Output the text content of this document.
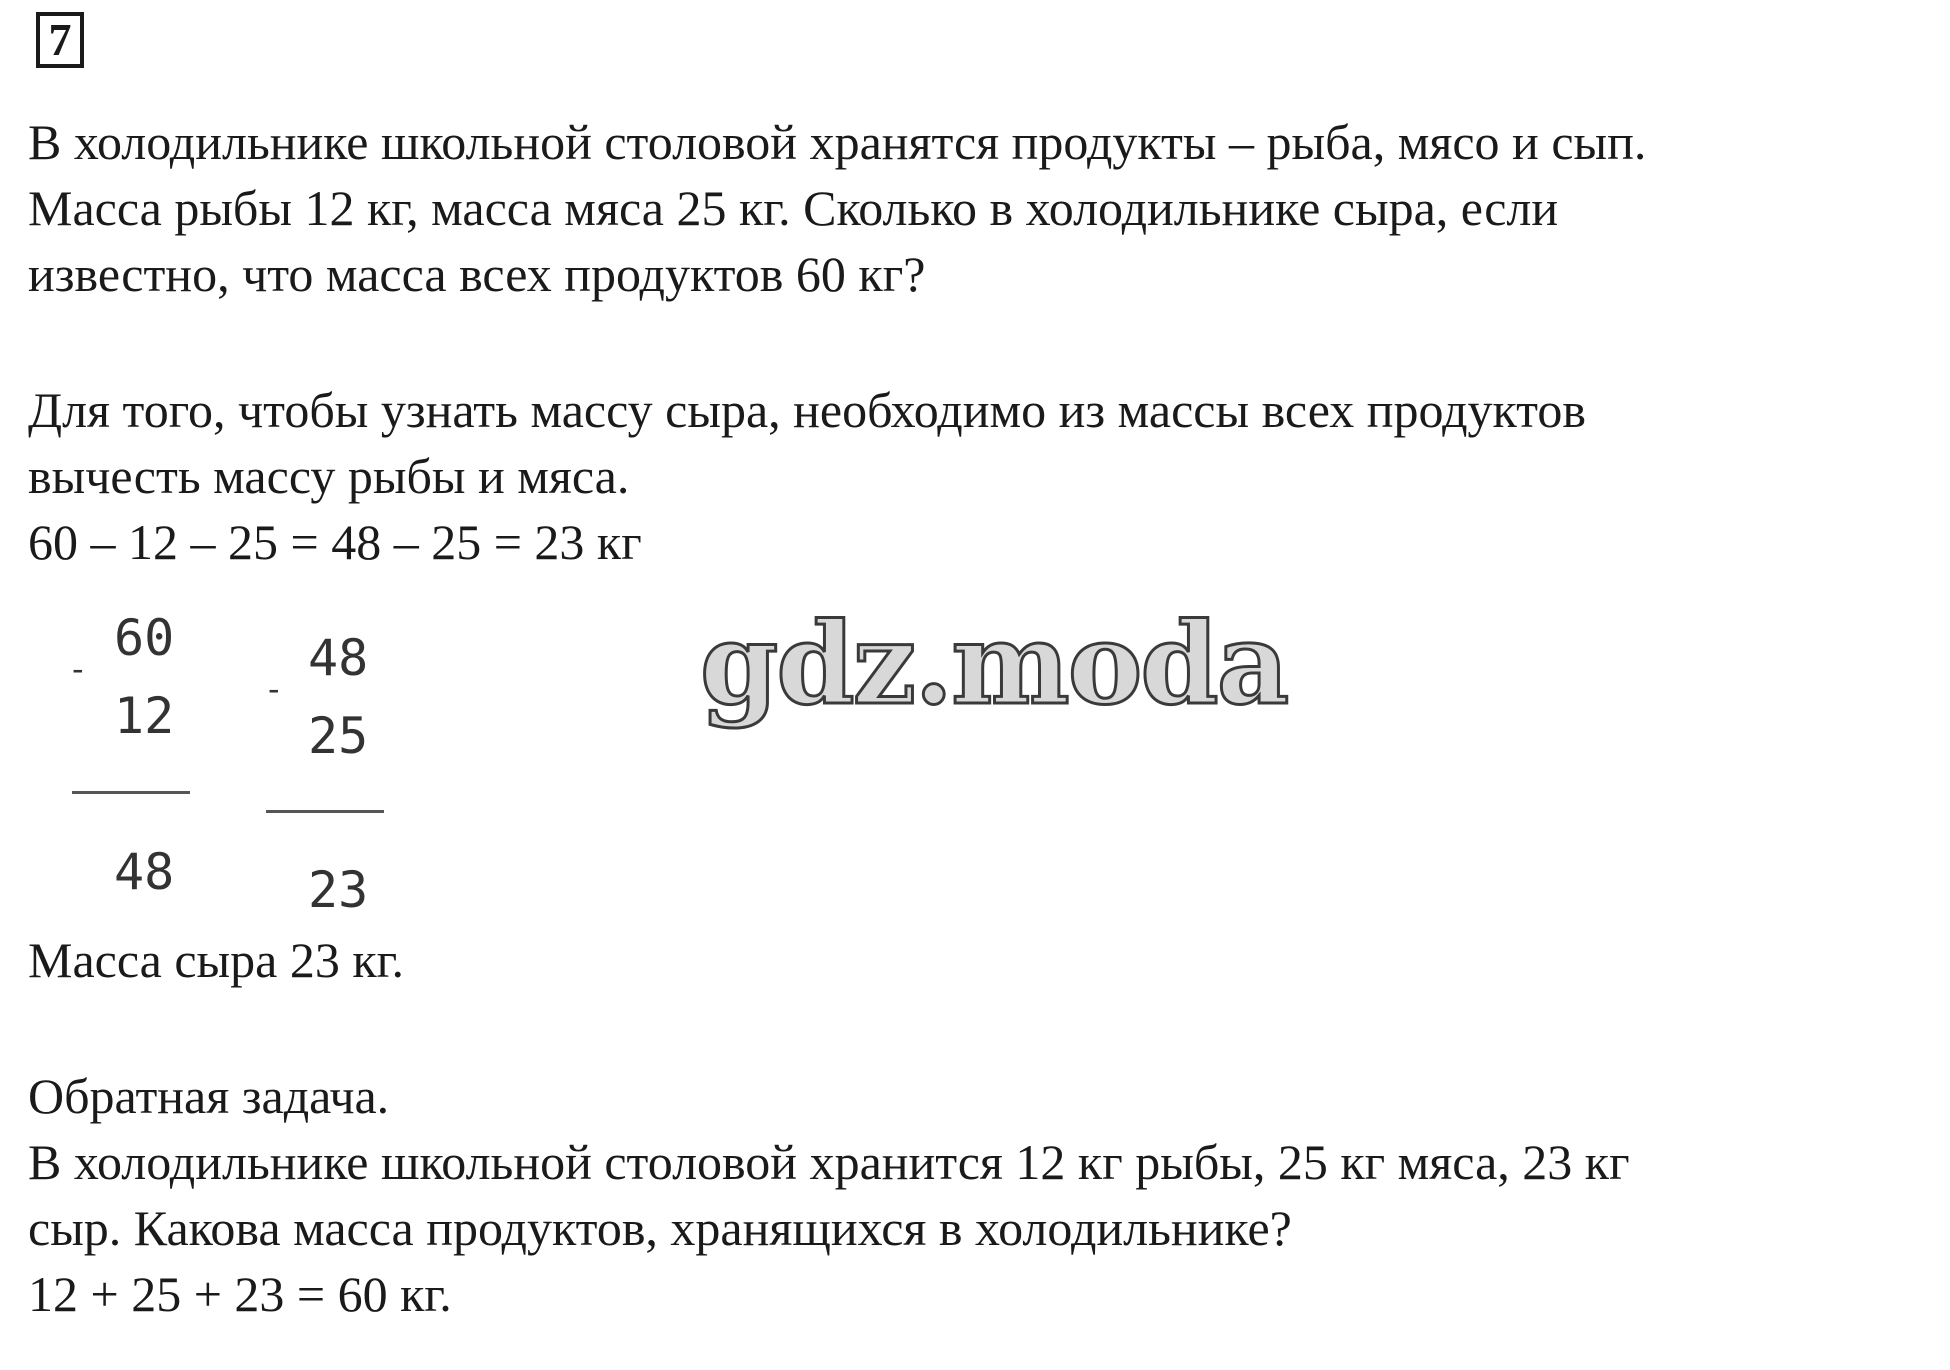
7
В холодильнике школьной столовой хранятся продукты – рыба, мясо и сып.
Масса рыбы 12 кг, масса мяса 25 кг. Сколько в холодильнике сыра, если
известно, что масса всех продуктов 60 кг?
Для того, чтобы узнать массу сыра, необходимо из массы всех продуктов
вычесть массу рыбы и мяса.
60 – 12 – 25 = 48 – 25 = 23 кг
-
60
12
48
-
48
25
23
gdz.moda
Масса сыра 23 кг.
Обратная задача.
В холодильнике школьной столовой хранится 12 кг рыбы, 25 кг мяса, 23 кг
сыр. Какова масса продуктов, хранящихся в холодильнике?
12 + 25 + 23 = 60 кг.
